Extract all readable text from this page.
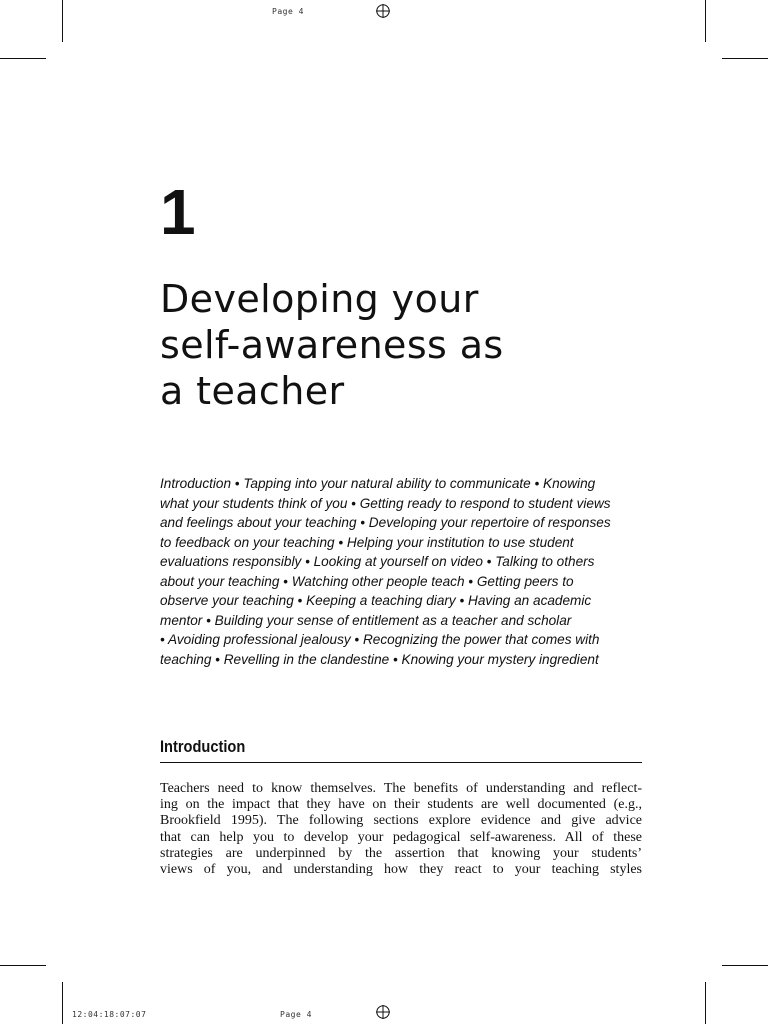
Page 4
1
Developing your
self-awareness as
a teacher
Introduction • Tapping into your natural ability to communicate • Knowing
what your students think of you • Getting ready to respond to student views
and feelings about your teaching • Developing your repertoire of responses
to feedback on your teaching • Helping your institution to use student
evaluations responsibly • Looking at yourself on video • Talking to others
about your teaching • Watching other people teach • Getting peers to
observe your teaching • Keeping a teaching diary • Having an academic
mentor • Building your sense of entitlement as a teacher and scholar
• Avoiding professional jealousy • Recognizing the power that comes with
teaching • Revelling in the clandestine • Knowing your mystery ingredient
Introduction
Teachers need to know themselves. The benefits of understanding and reflect-
ing on the impact that they have on their students are well documented (e.g.,
Brookfield 1995). The following sections explore evidence and give advice
that can help you to develop your pedagogical self-awareness. All of these
strategies are underpinned by the assertion that knowing your students’
views of you, and understanding how they react to your teaching styles
12:04:18:07:07	Page 4
